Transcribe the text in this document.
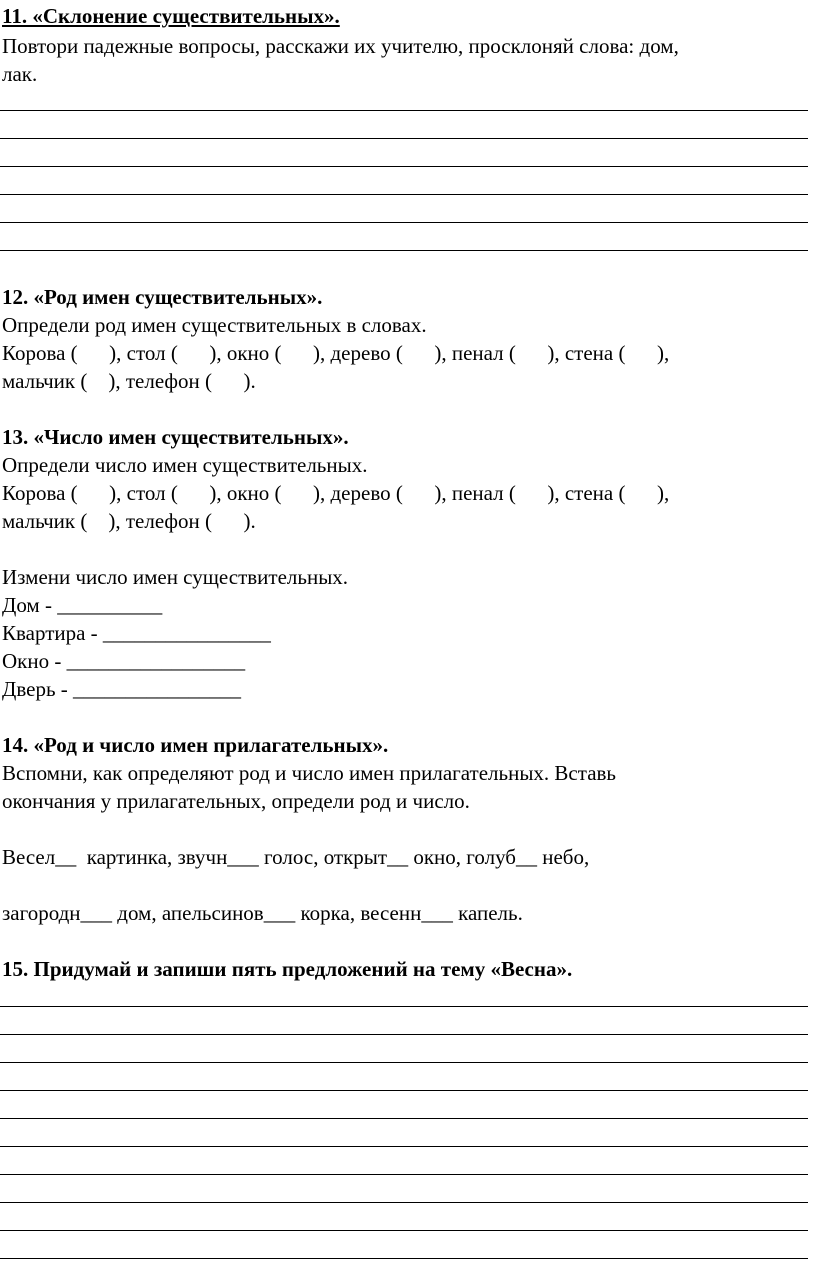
11. «Склонение существительных».
Повтори падежные вопросы, расскажи их учителю, просклоняй слова: дом,
лак.
12. «Род имен существительных».
Определи род имен существительных в словах.
Корова (      ), стол (      ), окно (      ), дерево (      ), пенал (      ), стена (      ),
мальчик (    ), телефон (      ).
13. «Число имен существительных».
Определи число имен существительных.
Корова (      ), стол (      ), окно (      ), дерево (      ), пенал (      ), стена (      ),
мальчик (    ), телефон (      ).
Измени число имен существительных.
Дом - __________
Квартира - ________________
Окно - _________________
Дверь - ________________
14. «Род и число имен прилагательных».
Вспомни, как определяют род и число имен прилагательных. Вставь
окончания у прилагательных, определи род и число.
Весел__  картинка, звучн___ голос, открыт__ окно, голуб__ небо,
загородн___ дом, апельсинов___ корка, весенн___ капель.
15. Придумай и запиши пять предложений на тему «Весна».
